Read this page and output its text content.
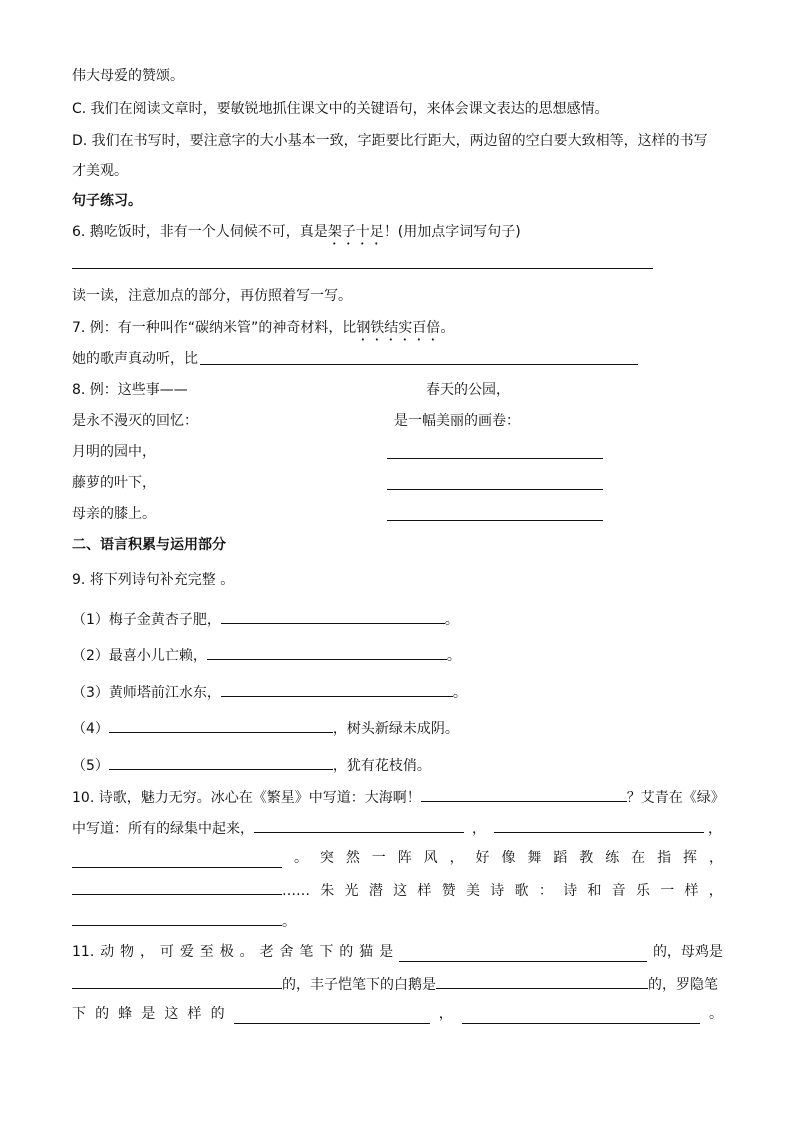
伟大母爱的赞颂。
C. 我们在阅读文章时，要敏锐地抓住课文中的关键语句，来体会课文表达的思想感情。
D. 我们在书写时，要注意字的大小基本一致，字距要比行距大，两边留的空白要大致相等，这样的书写
才美观。
句子练习。
6. 鹅吃饭时，非有一个人伺候不可，真是架子十足！(用加点字词写句子)
读一读，注意加点的部分，再仿照着写一写。
7. 例：有一种叫作“碳纳米管”的神奇材料，比钢铁结实百倍。
她的歌声真动听，比
8. 例：这些事——	春天的公园，
是永不漫灭的回忆：	是一幅美丽的画卷：
月明的园中，
藤萝的叶下，
母亲的膝上。
二、语言积累与运用部分
9. 将下列诗句补充完整 。
（1）梅子金黄杏子肥，	。
（2）最喜小儿亡赖，	。
（3）黄师塔前江水东，	。
（4）	，树头新绿未成阴。
（5）	，犹有花枝俏。
10. 诗歌，魅力无穷。冰心在《繁星》中写道：大海啊！	？艾青在《绿》
中写道：所有的绿集中起来，	，	，
。 突 然 一 阵 风 ， 好 像 舞 蹈 教 练 在 指 挥 ，
…… 朱 光 潜 这 样 赞 美 诗 歌 ： 诗 和 音 乐 一 样 ，
。
11. 动 物 ， 可 爱 至 极 。 老 舍 笔 下 的 猫 是	的，母鸡是
的，丰子恺笔下的白鹅是	的，罗隐笔
下 的 蜂 是 这 样 的	，	。
